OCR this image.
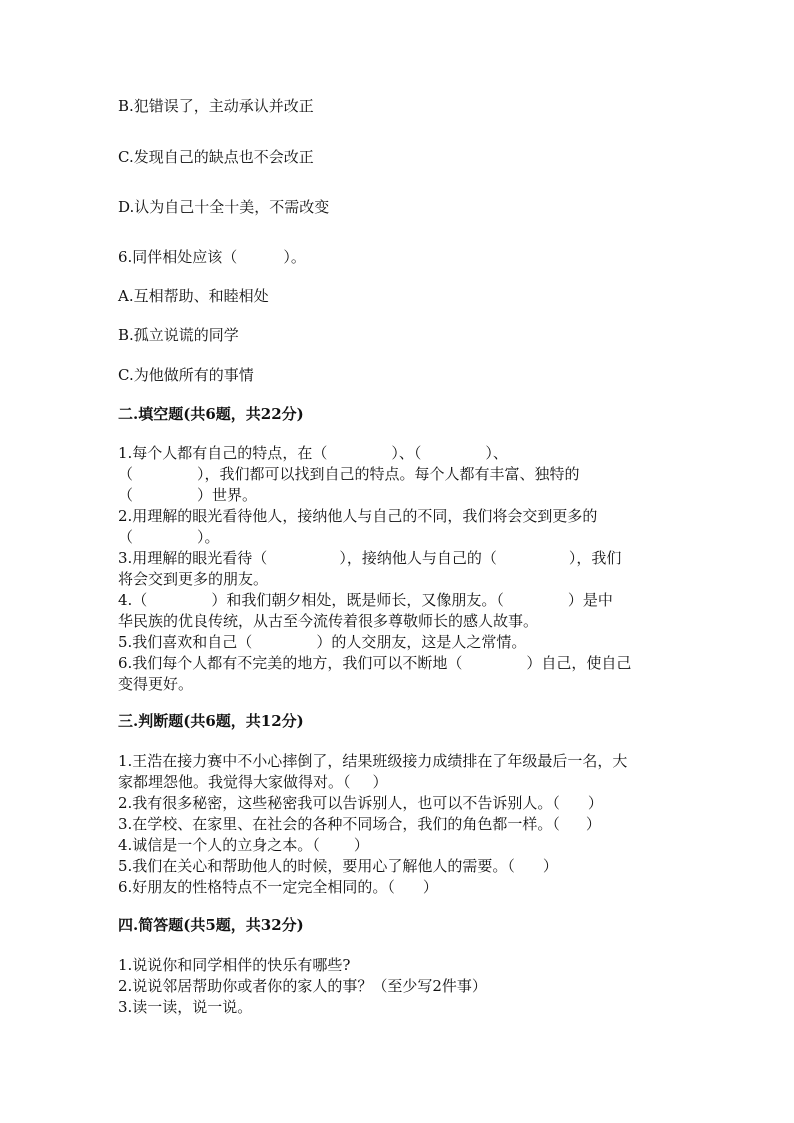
B.犯错误了，主动承认并改正
C.发现自己的缺点也不会改正
D.认为自己十全十美，不需改变
6.同伴相处应该（	）。
A.互相帮助、和睦相处
B.孤立说谎的同学
C.为他做所有的事情
二.填空题(共6题，共22分)
1.每个人都有自己的特点，在（	）、（	）、
（	），我们都可以找到自己的特点。每个人都有丰富、独特的
（	）世界。
2.用理解的眼光看待他人，接纳他人与自己的不同，我们将会交到更多的
（	）。
3.用理解的眼光看待（	），接纳他人与自己的（	），我们
将会交到更多的朋友。
4.（	）和我们朝夕相处，既是师长，又像朋友。（	）是中
华民族的优良传统，从古至今流传着很多尊敬师长的感人故事。
5.我们喜欢和自己（	）的人交朋友，这是人之常情。
6.我们每个人都有不完美的地方，我们可以不断地（	）自己，使自己
变得更好。
三.判断题(共6题，共12分)
1.王浩在接力赛中不小心摔倒了，结果班级接力成绩排在了年级最后一名，大
家都埋怨他。我觉得大家做得对。（ ）
2.我有很多秘密，这些秘密我可以告诉别人，也可以不告诉别人。（ ）
3.在学校、在家里、在社会的各种不同场合，我们的角色都一样。（ ）
4.诚信是一个人的立身之本。（ ）
5.我们在关心和帮助他人的时候，要用心了解他人的需要。（ ）
6.好朋友的性格特点不一定完全相同的。（ ）
四.简答题(共5题，共32分)
1.说说你和同学相伴的快乐有哪些?
2.说说邻居帮助你或者你的家人的事？（至少写2件事）
3.读一读，说一说。
